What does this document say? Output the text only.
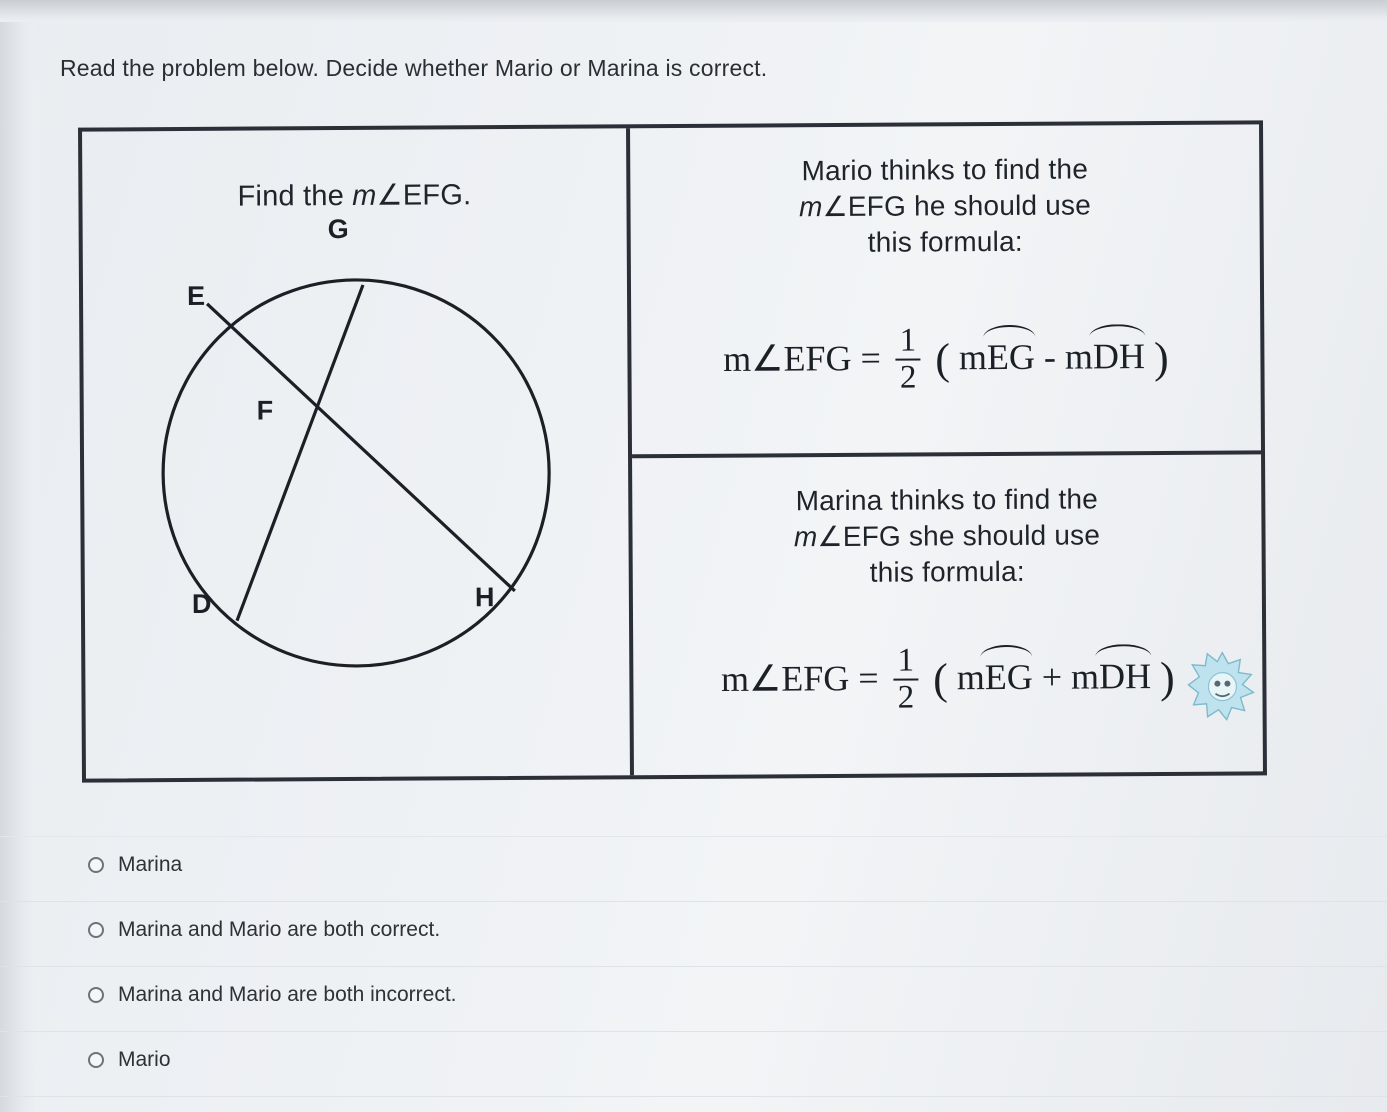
Read the problem below. Decide whether Mario or Marina is correct.
Find the m∠EFG.
G
E
F
D	H
Mario thinks to find the
m∠EFG he should use
this formula:
m∠EFG = $\frac{1}{2}$ ( mEG - mDH )
Marina thinks to find the
m∠EFG she should use
this formula:
m∠EFG = $\frac{1}{2}$ ( mEG + mDH )
Marina
Marina and Mario are both correct.
Marina and Mario are both incorrect.
Mario
